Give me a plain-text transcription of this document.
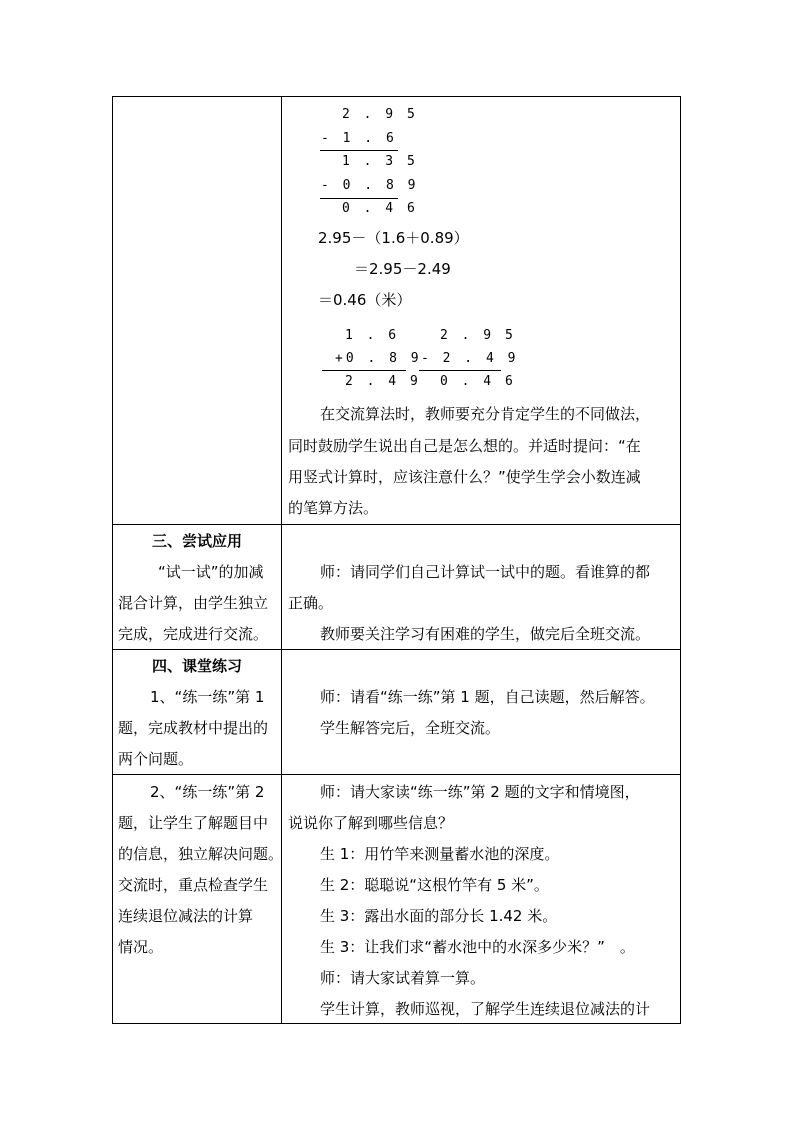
2 . 9 5
- 1 . 6
1 . 3 5
- 0 . 8 9
0 . 4 6
2.95－（1.6＋0.89）
＝2.95－2.49
＝0.46（米）
1 . 6
+0 . 8 9
2 . 4 9
2 . 9 5
- 2 . 4 9
0 . 4 6
在交流算法时，教师要充分肯定学生的不同做法，
同时鼓励学生说出自己是怎么想的。并适时提问：“在
用竖式计算时，应该注意什么？”使学生学会小数连减
的笔算方法。
三、尝试应用
“试一试”的加减
混合计算，由学生独立
完成，完成进行交流。
师：请同学们自己计算试一试中的题。看谁算的都
正确。
教师要关注学习有困难的学生，做完后全班交流。
四、课堂练习
1、“练一练”第 1
题，完成教材中提出的
两个问题。
师：请看“练一练”第 1 题，自己读题，然后解答。
学生解答完后，全班交流。
2、“练一练”第 2
题，让学生了解题目中
的信息，独立解决问题。
交流时，重点检查学生
连续退位减法的计算
情况。
师：请大家读“练一练”第 2 题的文字和情境图，
说说你了解到哪些信息？
生 1：用竹竿来测量蓄水池的深度。
生 2：聪聪说“这根竹竿有 5 米”。
生 3：露出水面的部分长 1.42 米。
生 3：让我们求“蓄水池中的水深多少米？”　。
师：请大家试着算一算。
学生计算，教师巡视，了解学生连续退位减法的计
